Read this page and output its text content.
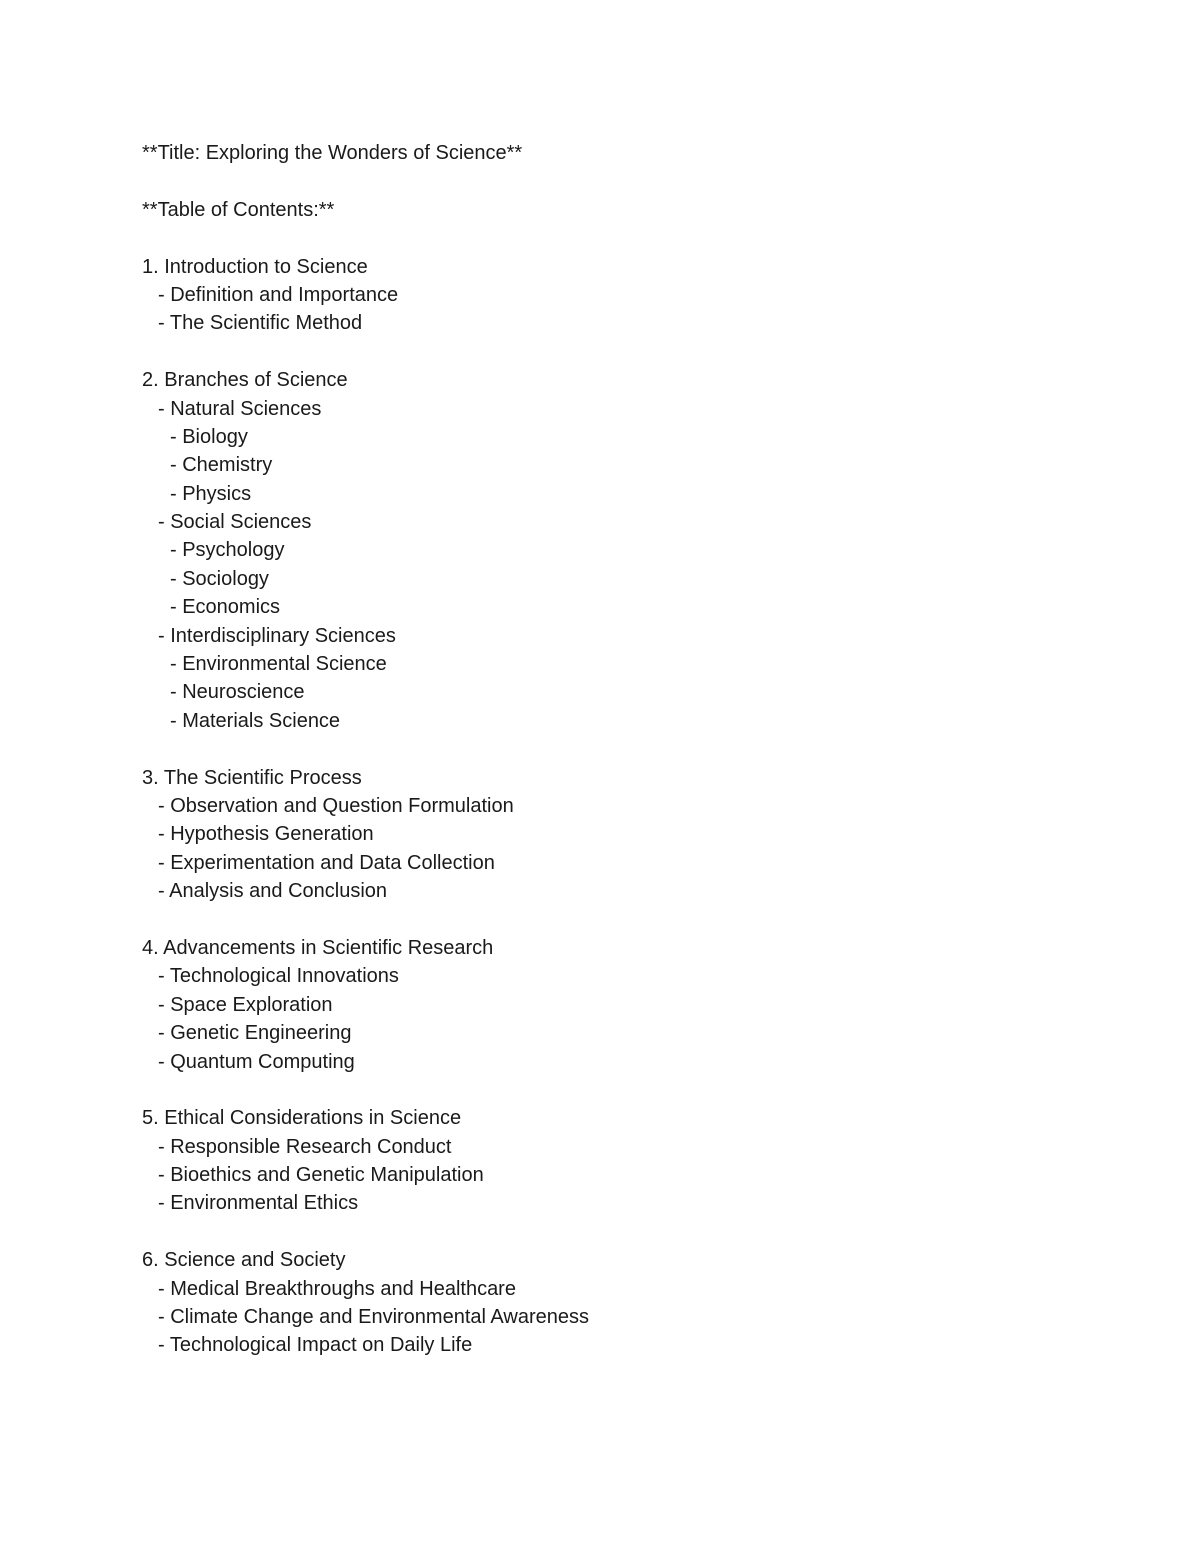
**Title: Exploring the Wonders of Science**
**Table of Contents:**
1. Introduction to Science
- Definition and Importance
- The Scientific Method
2. Branches of Science
- Natural Sciences
- Biology
- Chemistry
- Physics
- Social Sciences
- Psychology
- Sociology
- Economics
- Interdisciplinary Sciences
- Environmental Science
- Neuroscience
- Materials Science
3. The Scientific Process
- Observation and Question Formulation
- Hypothesis Generation
- Experimentation and Data Collection
- Analysis and Conclusion
4. Advancements in Scientific Research
- Technological Innovations
- Space Exploration
- Genetic Engineering
- Quantum Computing
5. Ethical Considerations in Science
- Responsible Research Conduct
- Bioethics and Genetic Manipulation
- Environmental Ethics
6. Science and Society
- Medical Breakthroughs and Healthcare
- Climate Change and Environmental Awareness
- Technological Impact on Daily Life
